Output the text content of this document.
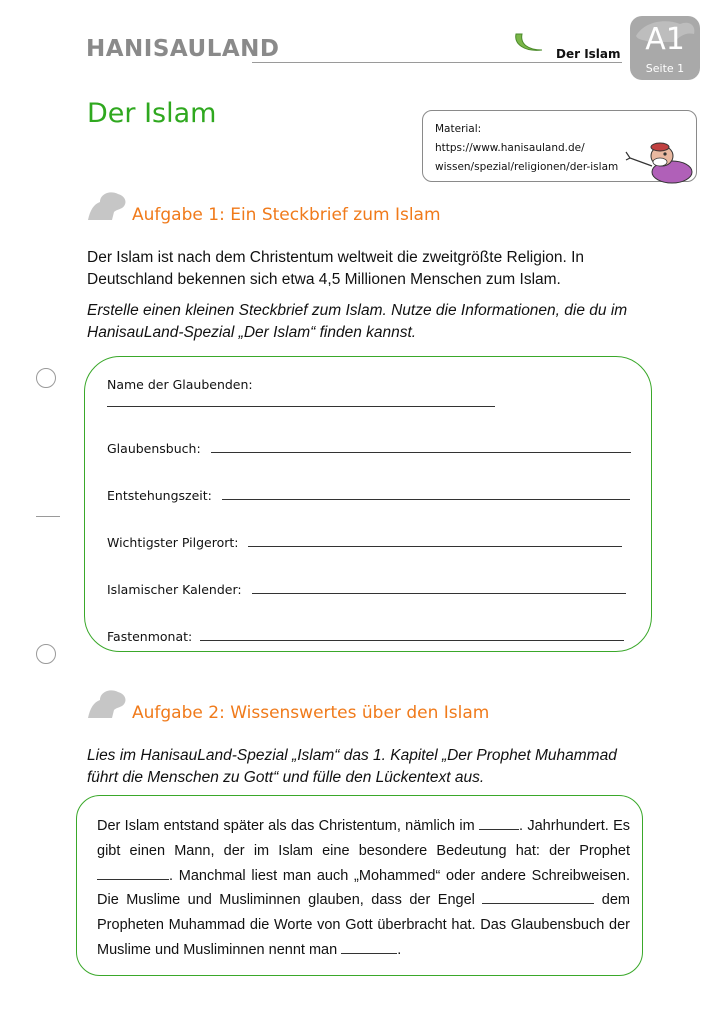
HANISAULAND	Der Islam A1
Seite 1
Der Islam	Material:
https://www.hanisauland.de/
wissen/spezial/religionen/der-islam
Aufgabe 1: Ein Steckbrief zum Islam
Der Islam ist nach dem Christentum weltweit die zweitgrößte Religion. In Deutschland bekennen sich etwa 4,5 Millionen Menschen zum Islam.
Erstelle einen kleinen Steckbrief zum Islam. Nutze die Informationen, die du im HanisauLand-Spezial „Der Islam“ finden kannst.
Name der Glaubenden:
Glaubensbuch:
Entstehungszeit:
Wichtigster Pilgerort:
Islamischer Kalender:
Fastenmonat:
Aufgabe 2: Wissenswertes über den Islam
Lies im HanisauLand-Spezial „Islam“ das 1. Kapitel „Der Prophet Muhammad führt die Menschen zu Gott“ und fülle den Lückentext aus.
Der Islam entstand später als das Christentum, nämlich im	. Jahrhundert. Es gibt einen Mann, der im Islam eine besondere Bedeutung hat: der Prophet . Manchmal liest man auch „Mohammed“ oder andere Schreibweisen. Die Muslime und Musliminnen glauben, dass der Engel	dem Propheten Muhammad die Worte von Gott überbracht hat. Das Glaubensbuch der Muslime und Musliminnen nennt man	.
